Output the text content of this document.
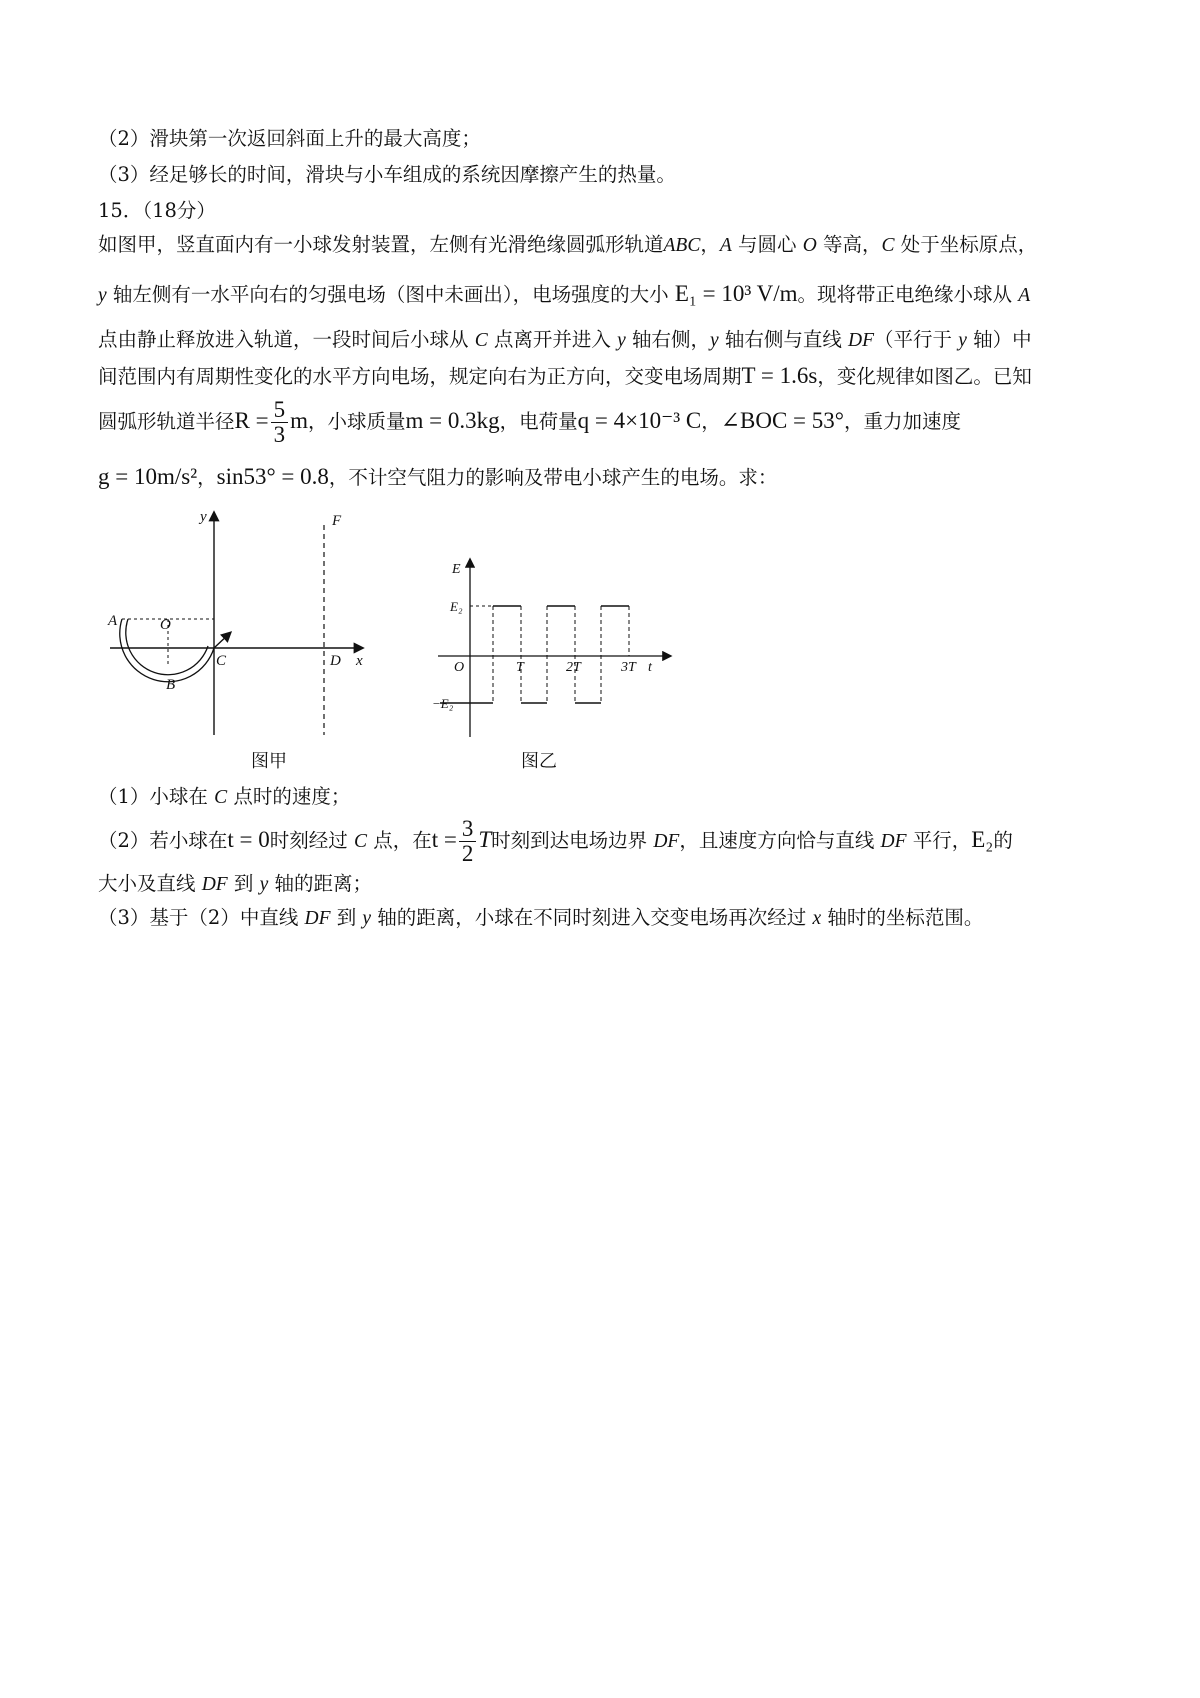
（2）滑块第一次返回斜面上升的最大高度；
（3）经足够长的时间，滑块与小车组成的系统因摩擦产生的热量。
15．（18分）
如图甲，竖直面内有一小球发射装置，左侧有光滑绝缘圆弧形轨道ABC，A 与圆心 O 等高，C 处于坐标原点，
y 轴左侧有一水平向右的匀强电场（图中未画出），电场强度的大小 E₁ = 10³ V/m。现将带正电绝缘小球从 A
点由静止释放进入轨道，一段时间后小球从 C 点离开并进入 y 轴右侧，y 轴右侧与直线 DF（平行于 y 轴）中
间范围内有周期性变化的水平方向电场，规定向右为正方向，交变电场周期T = 1.6s，变化规律如图乙。已知
圆弧形轨道半径$R = \frac{5}{3}$ m，小球质量m = 0.3kg，电荷量q = 4×10⁻³ C，∠BOC = 53°，重力加速度
g = 10m/s²，sin53° = 0.8，不计空气阻力的影响及带电小球产生的电场。求：
y	F
A	O
C	D x
B
图甲
E
E₂
−E₂
O	T	2T	3T t
图乙
（1）小球在 C 点时的速度；
（2）若小球在t = 0时刻经过 C 点，在$t = \frac{3}{2}$ T时刻到达电场边界 DF，且速度方向恰与直线 DF 平行，E₂的
大小及直线 DF 到 y 轴的距离；
（3）基于（2）中直线 DF 到 y 轴的距离，小球在不同时刻进入交变电场再次经过 x 轴时的坐标范围。
